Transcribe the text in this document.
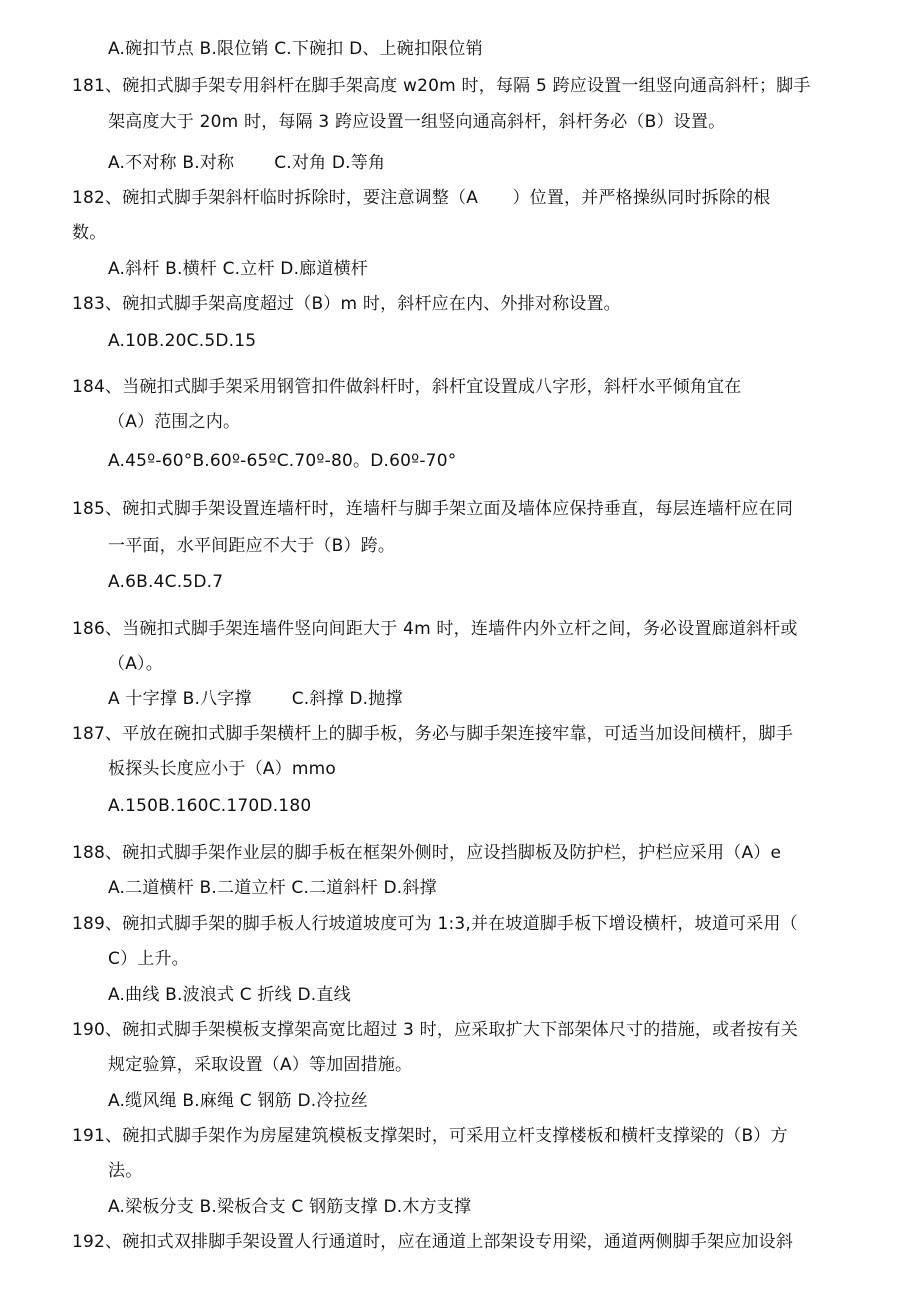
A.碗扣节点 B.限位销 C.下碗扣 D、上碗扣限位销
181、碗扣式脚手架专用斜杆在脚手架高度 w20m 时，每隔 5 跨应设置一组竖向通高斜杆；脚手
架高度大于 20m 时，每隔 3 跨应设置一组竖向通高斜杆，斜杆务必（B）设置。
A.不对称 B.对称　　 C.对角 D.等角
182、碗扣式脚手架斜杆临时拆除时，要注意调整（A　　）位置，并严格操纵同时拆除的根
数。
A.斜杆 B.横杆 C.立杆 D.廊道横杆
183、碗扣式脚手架高度超过（B）m 时，斜杆应在内、外排对称设置。
A.10B.20C.5D.15
184、当碗扣式脚手架采用钢管扣件做斜杆时，斜杆宜设置成八字形，斜杆水平倾角宜在
（A）范围之内。
A.45º-60°B.60º-65ºC.70º-80。D.60º-70°
185、碗扣式脚手架设置连墙杆时，连墙杆与脚手架立面及墙体应保持垂直，每层连墙杆应在同
一平面，水平间距应不大于（B）跨。
A.6B.4C.5D.7
186、当碗扣式脚手架连墙件竖向间距大于 4m 时，连墙件内外立杆之间，务必设置廊道斜杆或
（A）。
A 十字撑 B.八字撑　　 C.斜撑 D.抛撑
187、平放在碗扣式脚手架横杆上的脚手板，务必与脚手架连接牢靠，可适当加设间横杆，脚手
板探头长度应小于（A）mmo
A.150B.160C.170D.180
188、碗扣式脚手架作业层的脚手板在框架外侧时，应设挡脚板及防护栏，护栏应采用（A）e
A.二道横杆 B.二道立杆 C.二道斜杆 D.斜撑
189、碗扣式脚手架的脚手板人行坡道坡度可为 1:3,并在坡道脚手板下增设横杆，坡道可采用（
C）上升。
A.曲线 B.波浪式 C 折线 D.直线
190、碗扣式脚手架模板支撑架高宽比超过 3 时，应采取扩大下部架体尺寸的措施，或者按有关
规定验算，采取设置（A）等加固措施。
A.缆风绳 B.麻绳 C 钢筋 D.冷拉丝
191、碗扣式脚手架作为房屋建筑模板支撑架时，可采用立杆支撑楼板和横杆支撑梁的（B）方
法。
A.梁板分支 B.梁板合支 C 钢筋支撑 D.木方支撑
192、碗扣式双排脚手架设置人行通道时，应在通道上部架设专用梁，通道两侧脚手架应加设斜
